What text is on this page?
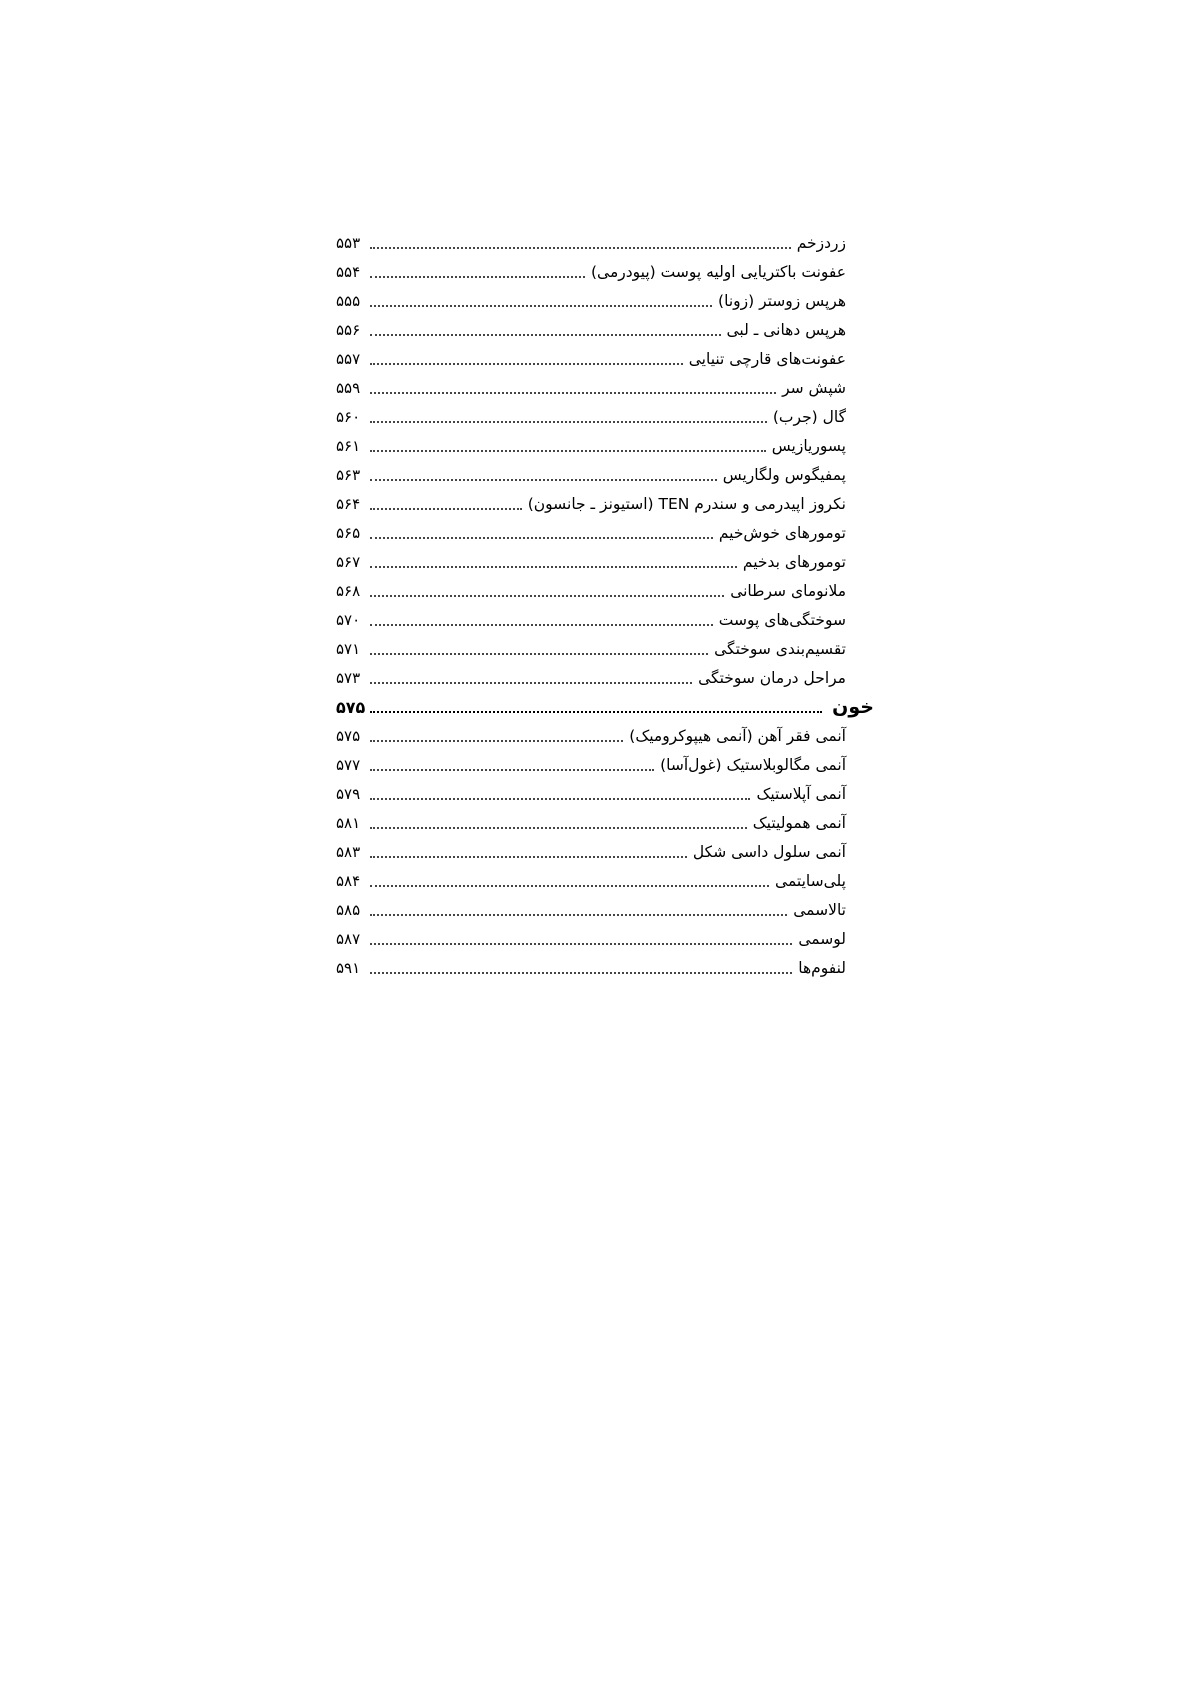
زردزخم
۵۵۳
عفونت باکتریایی اولیه پوست (پیودرمی)
۵۵۴
هرپس زوستر (زونا)
۵۵۵
هرپس دهانی ـ لبی
۵۵۶
عفونت‌های قارچی تنیایی
۵۵۷
شپش سر
۵۵۹
گال (جرب)
۵۶۰
پسوریازیس
۵۶۱
پمفیگوس ولگاریس
۵۶۳
نکروز اپیدرمی و سندرم TEN (استیونز ـ جانسون)
۵۶۴
تومورهای خوش‌خیم
۵۶۵
تومورهای بدخیم
۵۶۷
ملانومای سرطانی
۵۶۸
سوختگی‌های پوست
۵۷۰
تقسیم‌بندی سوختگی
۵۷۱
مراحل درمان سوختگی
۵۷۳
خون
۵۷۵
آنمی فقر آهن (آنمی هیپوکرومیک)
۵۷۵
آنمی مگالوبلاستیک (غول‌آسا)
۵۷۷
آنمی آپلاستیک
۵۷۹
آنمی همولیتیک
۵۸۱
آنمی سلول داسی شکل
۵۸۳
پلی‌سایتمی
۵۸۴
تالاسمی
۵۸۵
لوسمی
۵۸۷
لنفوم‌ها
۵۹۱
